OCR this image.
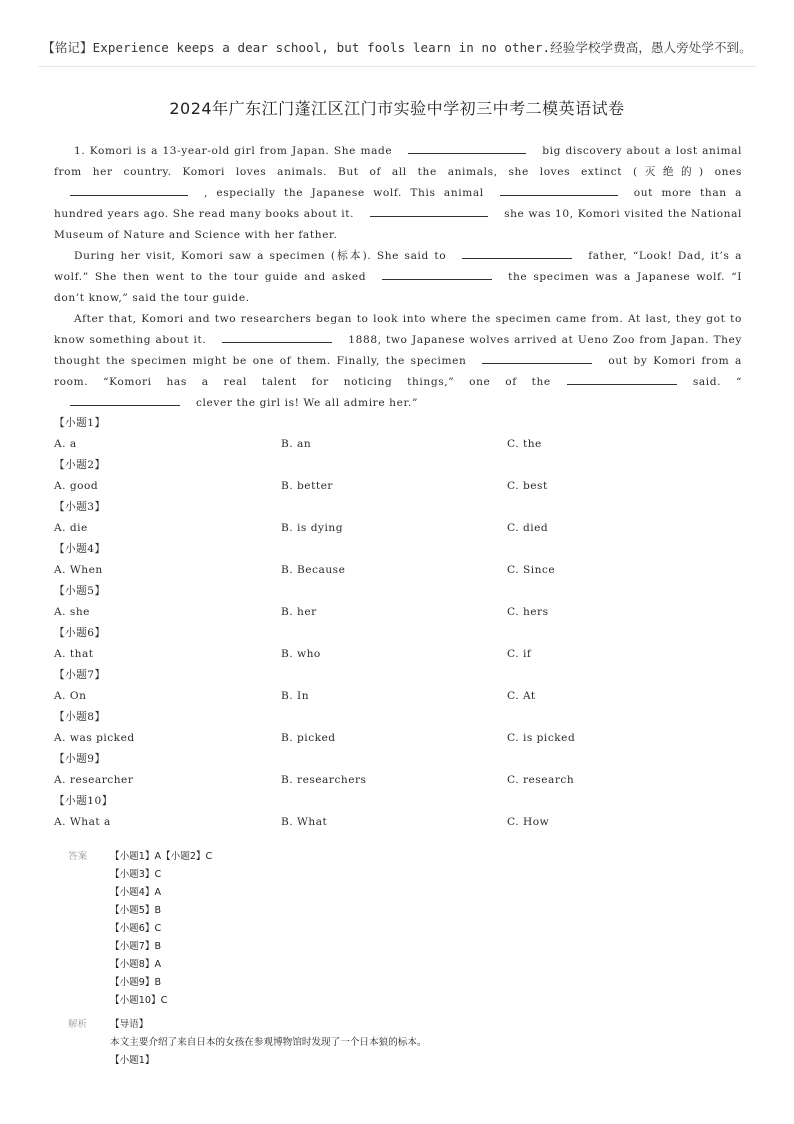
【铭记】Experience keeps a dear school, but fools learn in no other.经验学校学费高，愚人旁处学不到。
2024年广东江门蓬江区江门市实验中学初三中考二模英语试卷

1. Komori is a 13-year-old girl from Japan. She made	big discovery about a lost animal from her country. Komori loves animals. But of all the animals, she loves extinct (灭绝的) ones, especially the Japanese wolf. This animal	out more than a hundred years ago. She read many books about it.	she was 10, Komori visited the National Museum of Nature and Science with her father.

During her visit, Komori saw a specimen (标本). She said to	father, “Look! Dad, it’s a wolf.” She then went to the tour guide and asked	the specimen was a Japanese wolf. “I don’t know,” said the tour guide.

After that, Komori and two researchers began to look into where the specimen came from. At last, they got to know something about it.	1888, two Japanese wolves arrived at Ueno Zoo from Japan. They thought the specimen might be one of them. Finally, the specimen	out by Komori from a room. “Komori has a real talent for noticing things,” one of the	said. “clever the girl is! We all admire her.”

【小题1】
A. a	B. an	C. the
【小题2】
A. good	B. better	C. best
【小题3】
A. die	B. is dying	C. died
【小题4】
A. When	B. Because	C. Since
【小题5】
A. she	B. her	C. hers
【小题6】
A. that	B. who	C. if
【小题7】
A. On	B. In	C. At
【小题8】
A. was picked	B. picked	C. is picked
【小题9】
A. researcher	B. researchers	C. research
【小题10】
A. What a	B. What	C. How
答案	【小题1】A【小题2】C
【小题3】C
【小题4】A
【小题5】B
【小题6】C
【小题7】B
【小题8】A
【小题9】B
【小题10】C
解析	【导语】
本文主要介绍了来自日本的女孩在参观博物馆时发现了一个日本狼的标本。
【小题1】
